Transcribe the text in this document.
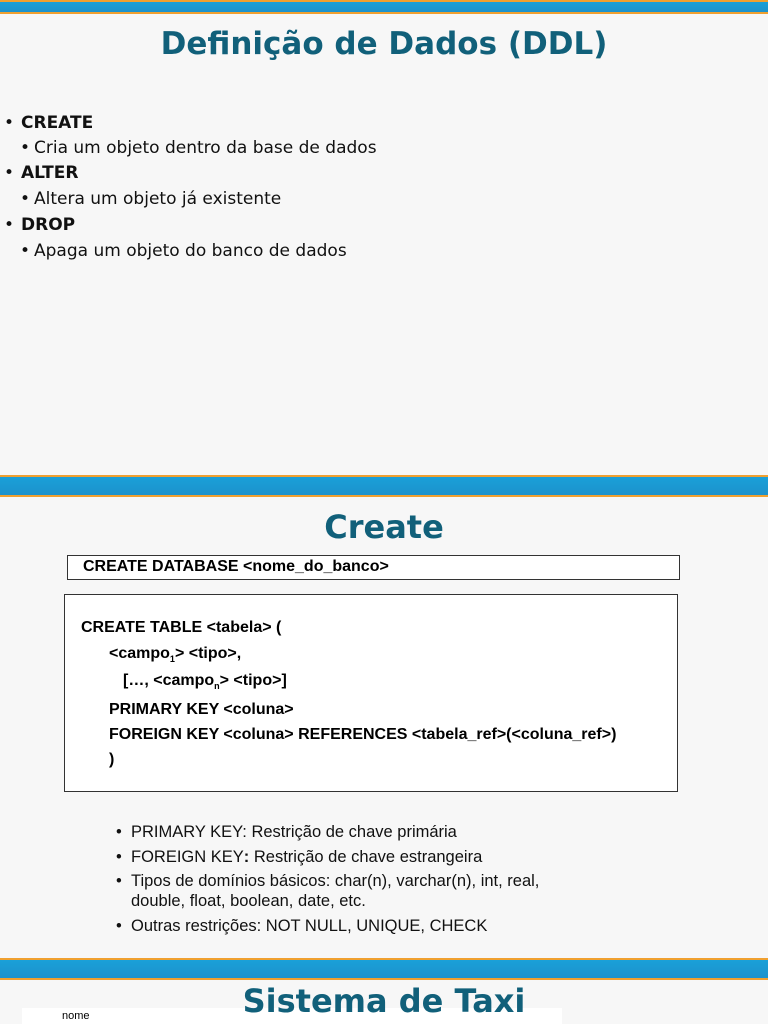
Definição de Dados (DDL)
• CREATE
• Cria um objeto dentro da base de dados
• ALTER
• Altera um objeto já existente
• DROP
• Apaga um objeto do banco de dados
Create
CREATE DATABASE <nome_do_banco>
CREATE TABLE <tabela> (
<campo$_1$> <tipo>,
[…, <campo$_n$> <tipo>]
PRIMARY KEY <coluna>
FOREIGN KEY <coluna> REFERENCES <tabela_ref>(<coluna_ref>)
)
• PRIMARY KEY: Restrição de chave primária
• FOREIGN KEY: Restrição de chave estrangeira
• Tipos de domínios básicos: char(n), varchar(n), int, real,
double, float, boolean, date, etc.
• Outras restrições: NOT NULL, UNIQUE, CHECK
Sistema de Taxi
nome
